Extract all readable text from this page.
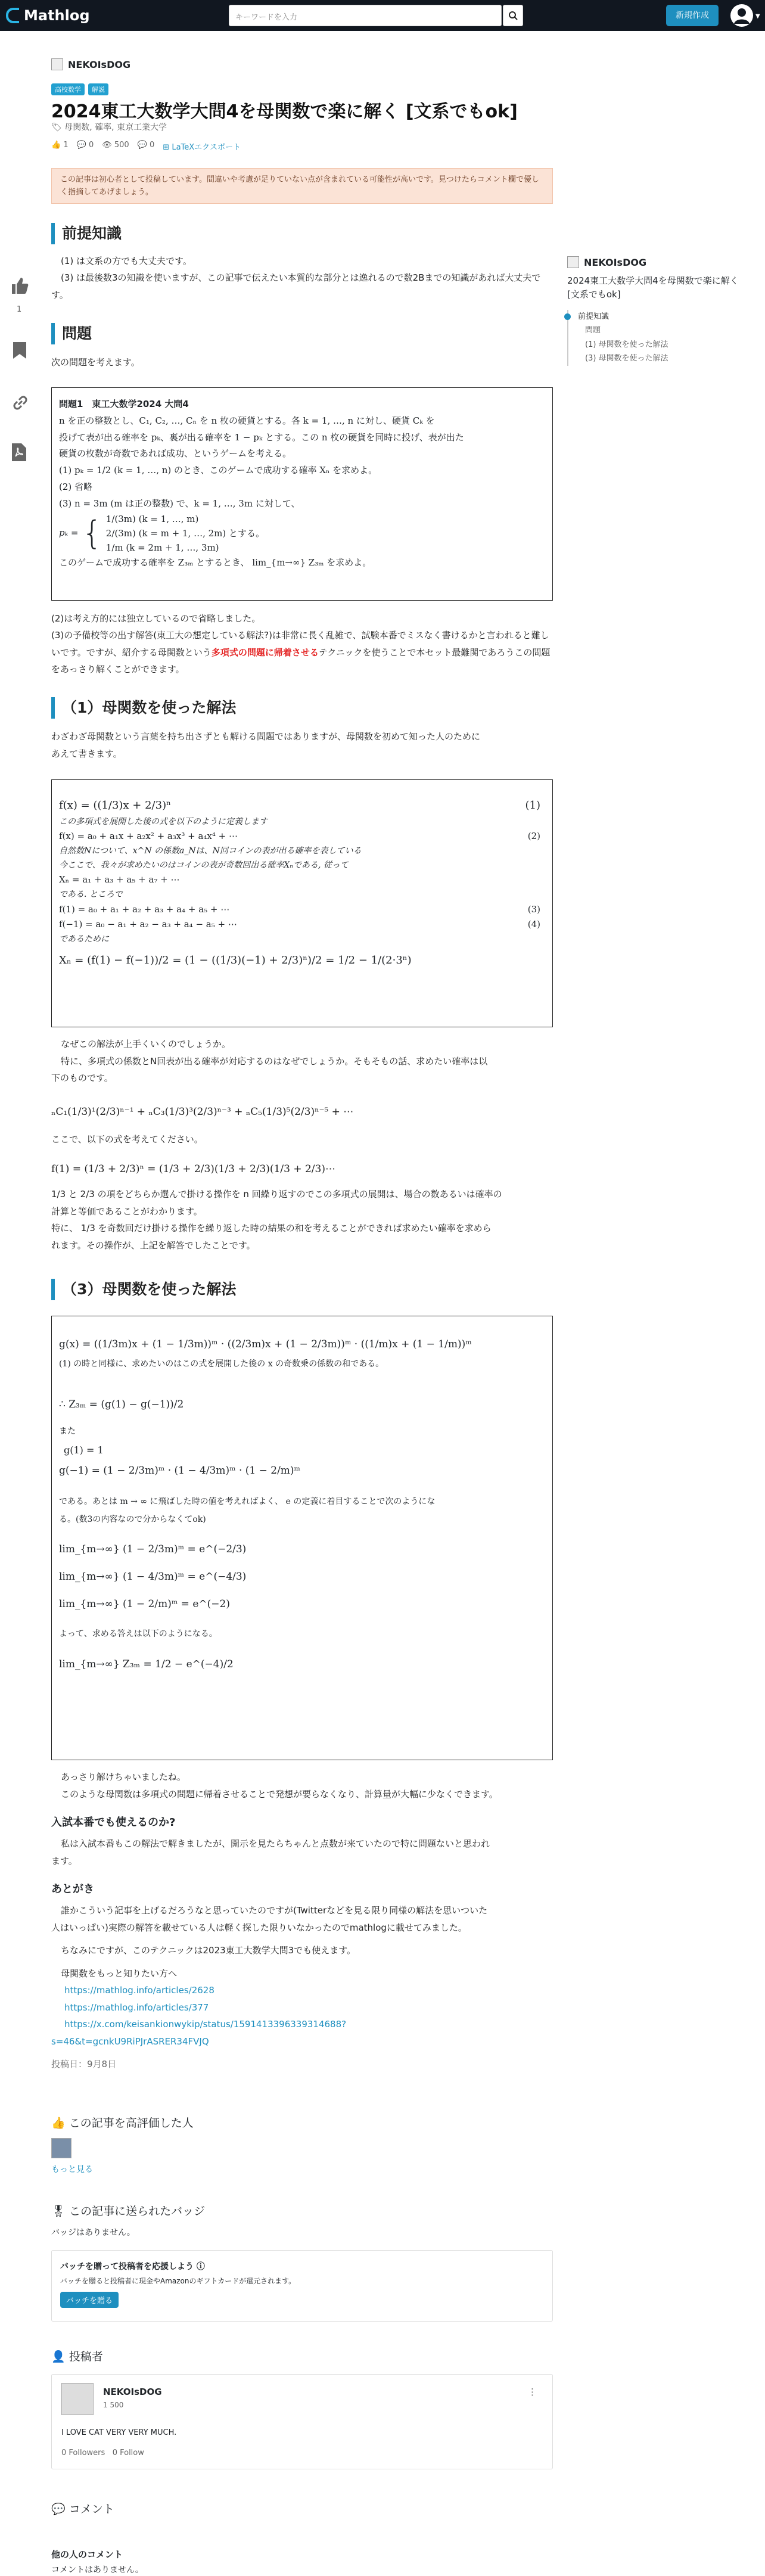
Mathlog	キーワードを入力	新規作成	▼
1
NEKOIsDOG
高校数学	解説
2024東工大数学大問4を母関数で楽に解く [文系でもok]
🏷 母関数, 確率, 東京工業大学
👍 1 💬 0 👁 500 💬 0 ⊞ LaTeXエクスポート
この記事は初心者として投稿しています。間違いや考慮が足りていない点が含まれている可能性が高いです。見つけたらコメント欄で優しく指摘してあげましょう。
前提知識
(1) は文系の方でも大丈夫です。
(3) は最後数3の知識を使いますが、この記事で伝えたい本質的な部分とは逸れるので数2Bまでの知識があれば大丈夫です。
問題
次の問題を考えます。
問題1　東工大数学2024 大問4
n を正の整数とし、C₁, C₂, …, Cₙ を n 枚の硬貨とする。各 k = 1, …, n に対し、硬貨 Cₖ を
投げて表が出る確率を pₖ、裏が出る確率を 1 − pₖ とする。この n 枚の硬貨を同時に投げ、表が出た
硬貨の枚数が奇数であれば成功、というゲームを考える。
(1) pₖ = 1/2 (k = 1, …, n) のとき、このゲームで成功する確率 Xₙ を求めよ。
(2) 省略
(3) n = 3m (m は正の整数) で、k = 1, …, 3m に対して、
pₖ = { 1/(3m) (k = 1, …, m)
2/(3m) (k = m + 1, …, 2m) とする。
1/m (k = 2m + 1, …, 3m)
このゲームで成功する確率を Z₃ₘ とするとき、 lim_{m→∞} Z₃ₘ を求めよ。
(2)は考え方的には独立しているので省略しました。
(3)の予備校等の出す解答(東工大の想定している解法?)は非常に長く乱雑で、試験本番でミスなく書けるかと言われると難しいです。ですが、紹介する母関数という多項式の問題に帰着させるテクニックを使うことで本セット最難関であろうこの問題をあっさり解くことができます。
（1）母関数を使った解法
わざわざ母関数という言葉を持ち出さずとも解ける問題ではありますが、母関数を初めて知った人のために
あえて書きます。
f(x) = ((1/3)x + 2/3)ⁿ	(1)
この多項式を展開した後の式を以下のように定義します
f(x) = a₀ + a₁x + a₂x² + a₃x³ + a₄x⁴ + ⋯	(2)
自然数Nについて、x^N の係数a_Nは、N回コインの表が出る確率を表している
今ここで、我々が求めたいのはコインの表が奇数回出る確率Xₙである, 従って
Xₙ = a₁ + a₃ + a₅ + a₇ + ⋯
である. ところで
f(1) = a₀ + a₁ + a₂ + a₃ + a₄ + a₅ + ⋯	(3)
f(−1) = a₀ − a₁ + a₂ − a₃ + a₄ − a₅ + ⋯	(4)
であるために
Xₙ = (f(1) − f(−1))/2 = (1 − ((1/3)(−1) + 2/3)ⁿ)/2 = 1/2 − 1/(2·3ⁿ)
なぜこの解法が上手くいくのでしょうか。
特に、多項式の係数とN回表が出る確率が対応するのはなぜでしょうか。そもそもの話、求めたい確率は以
下のものです。
ₙC₁(1/3)¹(2/3)ⁿ⁻¹ + ₙC₃(1/3)³(2/3)ⁿ⁻³ + ₙC₅(1/3)⁵(2/3)ⁿ⁻⁵ + ⋯
ここで、以下の式を考えてください。
f(1) = (1/3 + 2/3)ⁿ = (1/3 + 2/3)(1/3 + 2/3)(1/3 + 2/3)⋯
1/3 と 2/3 の項をどちらか選んで掛ける操作を n 回繰り返すのでこの多項式の展開は、場合の数あるいは確率の
計算と等価であることがわかります。
特に、 1/3 を奇数回だけ掛ける操作を繰り返した時の結果の和を考えることができれば求めたい確率を求めら
れます。その操作が、上記を解答でしたことです。
（3）母関数を使った解法
g(x) = ((1/3m)x + (1 − 1/3m))ᵐ · ((2/3m)x + (1 − 2/3m))ᵐ · ((1/m)x + (1 − 1/m))ᵐ
(1) の時と同様に、求めたいのはこの式を展開した後の x の奇数乗の係数の和である。
∴ Z₃ₘ = (g(1) − g(−1))/2
また
g(1) = 1
g(−1) = (1 − 2/3m)ᵐ · (1 − 4/3m)ᵐ · (1 − 2/m)ᵐ
である。あとは m → ∞ に飛ばした時の値を考えればよく、 e の定義に着目することで次のようにな
る。(数3の内容なので分からなくてok)
lim_{m→∞} (1 − 2/3m)ᵐ = e^(−2/3)
lim_{m→∞} (1 − 4/3m)ᵐ = e^(−4/3)
lim_{m→∞} (1 − 2/m)ᵐ = e^(−2)
よって、求める答えは以下のようになる。
lim_{m→∞} Z₃ₘ = 1/2 − e^(−4)/2
あっさり解けちゃいましたね。
このような母関数は多項式の問題に帰着させることで発想が要らなくなり、計算量が大幅に少なくできます。
入試本番でも使えるのか?
私は入試本番もこの解法で解きましたが、開示を見たらちゃんと点数が来ていたので特に問題ないと思われ
ます。
あとがき
誰かこういう記事を上げるだろうなと思っていたのですが(Twitterなどを見る限り同様の解法を思いついた
人はいっぱい)実際の解答を載せている人は軽く探した限りいなかったのでmathlogに載せてみました。
ちなみにですが、このテクニックは2023東工大数学大問3でも使えます。
母関数をもっと知りたい方へ
https://mathlog.info/articles/2628
https://mathlog.info/articles/377
https://x.com/keisankionwykip/status/1591413396339314688?
s=46&t=gcnkU9RiPJrASRER34FVJQ
投稿日：9月8日
👍 この記事を高評価した人
もっと見る
🎖 この記事に送られたバッジ
バッジはありません。
バッチを贈って投稿者を応援しよう ⓘ
バッチを贈ると投稿者に現金やAmazonのギフトカードが還元されます。
バッチを贈る
👤 投稿者
NEKOIsDOG
1 500
⋮
I LOVE CAT VERY VERY MUCH.
0 Followers 0 Follow
💬 コメント
他の人のコメント
コメントはありません。
NEKOIsDOG
2024東工大数学大問4を母関数で楽に解く [文系でもok]
前提知識
問題
(1) 母関数を使った解法
(3) 母関数を使った解法
